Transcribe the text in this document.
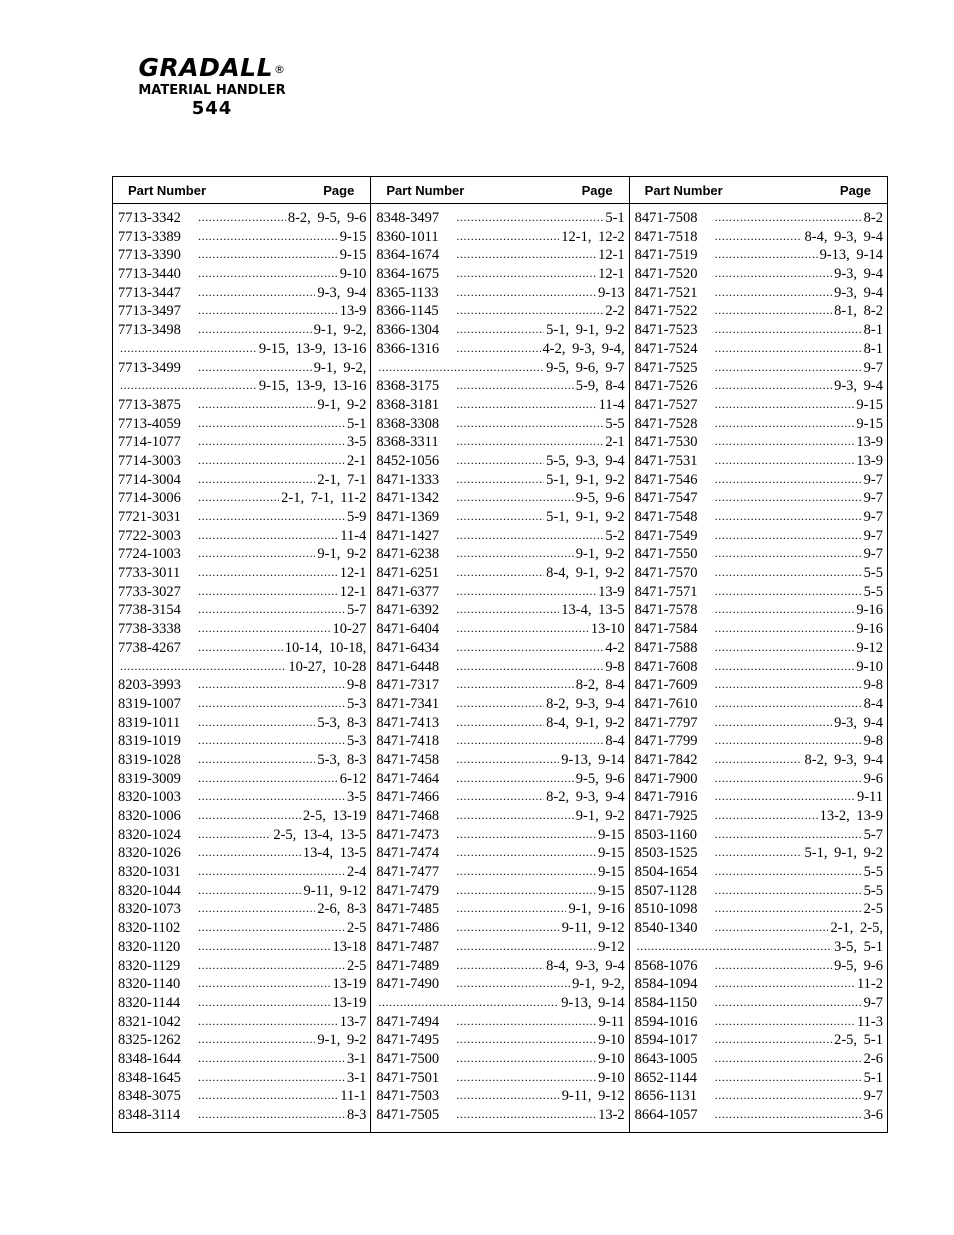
GRADALL®
MATERIAL HANDLER
544
Part Number	Page
7713-3342 .....	8-2, 9-5, 9-6
7713-3389 .....	9-15
7713-3390 .....	9-15
7713-3440 .....	9-10
7713-3447 .....	9-3, 9-4
7713-3497 .....	13-9
7713-3498 .....	9-1, 9-2,
.....
9-15, 13-9, 13-16
7713-3499 .....	9-1, 9-2,
.....
9-15, 13-9, 13-16
7713-3875 .....	9-1, 9-2
7713-4059 .....	5-1
7714-1077 .....	3-5
7714-3003 .....	2-1
7714-3004 .....	2-1, 7-1
7714-3006 .....	2-1, 7-1, 11-2
7721-3031 .....	5-9
7722-3003 .....	11-4
7724-1003 .....	9-1, 9-2
7733-3011 .....	12-1
7733-3027 .....	12-1
7738-3154 .....	5-7
7738-3338 .....	10-27
7738-4267 .....	10-14, 10-18,
.....
10-27, 10-28
8203-3993 .....	9-8
8319-1007 .....	5-3
8319-1011 .....	5-3, 8-3
8319-1019 .....	5-3
8319-1028 .....	5-3, 8-3
8319-3009 .....	6-12
8320-1003 .....	3-5
8320-1006 .....	2-5, 13-19
8320-1024 .....	2-5, 13-4, 13-5
8320-1026 .....	13-4, 13-5
8320-1031 .....	2-4
8320-1044 .....	9-11, 9-12
8320-1073 .....	2-6, 8-3
8320-1102 .....	2-5
8320-1120 .....	13-18
8320-1129 .....	2-5
8320-1140 .....	13-19
8320-1144 .....	13-19
8321-1042 .....	13-7
8325-1262 .....	9-1, 9-2
8348-1644 .....	3-1
8348-1645 .....	3-1
8348-3075 .....	11-1
8348-3114 .....	8-3
Part Number	Page
8348-3497 .....	5-1
8360-1011 .....	12-1, 12-2
8364-1674 .....	12-1
8364-1675 .....	12-1
8365-1133 .....	9-13
8366-1145 .....	2-2
8366-1304 .....	5-1, 9-1, 9-2
8366-1316 .....	4-2, 9-3, 9-4,
.....
9-5, 9-6, 9-7
8368-3175 .....	5-9, 8-4
8368-3181 .....	11-4
8368-3308 .....	5-5
8368-3311 .....	2-1
8452-1056 .....	5-5, 9-3, 9-4
8471-1333 .....	5-1, 9-1, 9-2
8471-1342 .....	9-5, 9-6
8471-1369 .....	5-1, 9-1, 9-2
8471-1427 .....	5-2
8471-6238 .....	9-1, 9-2
8471-6251 .....	8-4, 9-1, 9-2
8471-6377 .....	13-9
8471-6392 .....	13-4, 13-5
8471-6404 .....	13-10
8471-6434 .....	4-2
8471-6448 .....	9-8
8471-7317 .....	8-2, 8-4
8471-7341 .....	8-2, 9-3, 9-4
8471-7413 .....	8-4, 9-1, 9-2
8471-7418 .....	8-4
8471-7458 .....	9-13, 9-14
8471-7464 .....	9-5, 9-6
8471-7466 .....	8-2, 9-3, 9-4
8471-7468 .....	9-1, 9-2
8471-7473 .....	9-15
8471-7474 .....	9-15
8471-7477 .....	9-15
8471-7479 .....	9-15
8471-7485 .....	9-1, 9-16
8471-7486 .....	9-11, 9-12
8471-7487 .....	9-12
8471-7489 .....	8-4, 9-3, 9-4
8471-7490 .....	9-1, 9-2,
.....
9-13, 9-14
8471-7494 .....	9-11
8471-7495 .....	9-10
8471-7500 .....	9-10
8471-7501 .....	9-10
8471-7503 .....	9-11, 9-12
8471-7505 .....	13-2
Part Number	Page
8471-7508 .....	8-2
8471-7518 .....	8-4, 9-3, 9-4
8471-7519 .....	9-13, 9-14
8471-7520 .....	9-3, 9-4
8471-7521 .....	9-3, 9-4
8471-7522 .....	8-1, 8-2
8471-7523 .....	8-1
8471-7524 .....	8-1
8471-7525 .....	9-7
8471-7526 .....	9-3, 9-4
8471-7527 .....	9-15
8471-7528 .....	9-15
8471-7530 .....	13-9
8471-7531 .....	13-9
8471-7546 .....	9-7
8471-7547 .....	9-7
8471-7548 .....	9-7
8471-7549 .....	9-7
8471-7550 .....	9-7
8471-7570 .....	5-5
8471-7571 .....	5-5
8471-7578 .....	9-16
8471-7584 .....	9-16
8471-7588 .....	9-12
8471-7608 .....	9-10
8471-7609 .....	9-8
8471-7610 .....	8-4
8471-7797 .....	9-3, 9-4
8471-7799 .....	9-8
8471-7842 .....	8-2, 9-3, 9-4
8471-7900 .....	9-6
8471-7916 .....	9-11
8471-7925 .....	13-2, 13-9
8503-1160 .....	5-7
8503-1525 .....	5-1, 9-1, 9-2
8504-1654 .....	5-5
8507-1128 .....	5-5
8510-1098 .....	2-5
8540-1340 .....	2-1, 2-5,
.....
3-5, 5-1
8568-1076 .....	9-5, 9-6
8584-1094 .....	11-2
8584-1150 .....	9-7
8594-1016 .....	11-3
8594-1017 .....	2-5, 5-1
8643-1005 .....	2-6
8652-1144 .....	5-1
8656-1131 .....	9-7
8664-1057 .....	3-6
